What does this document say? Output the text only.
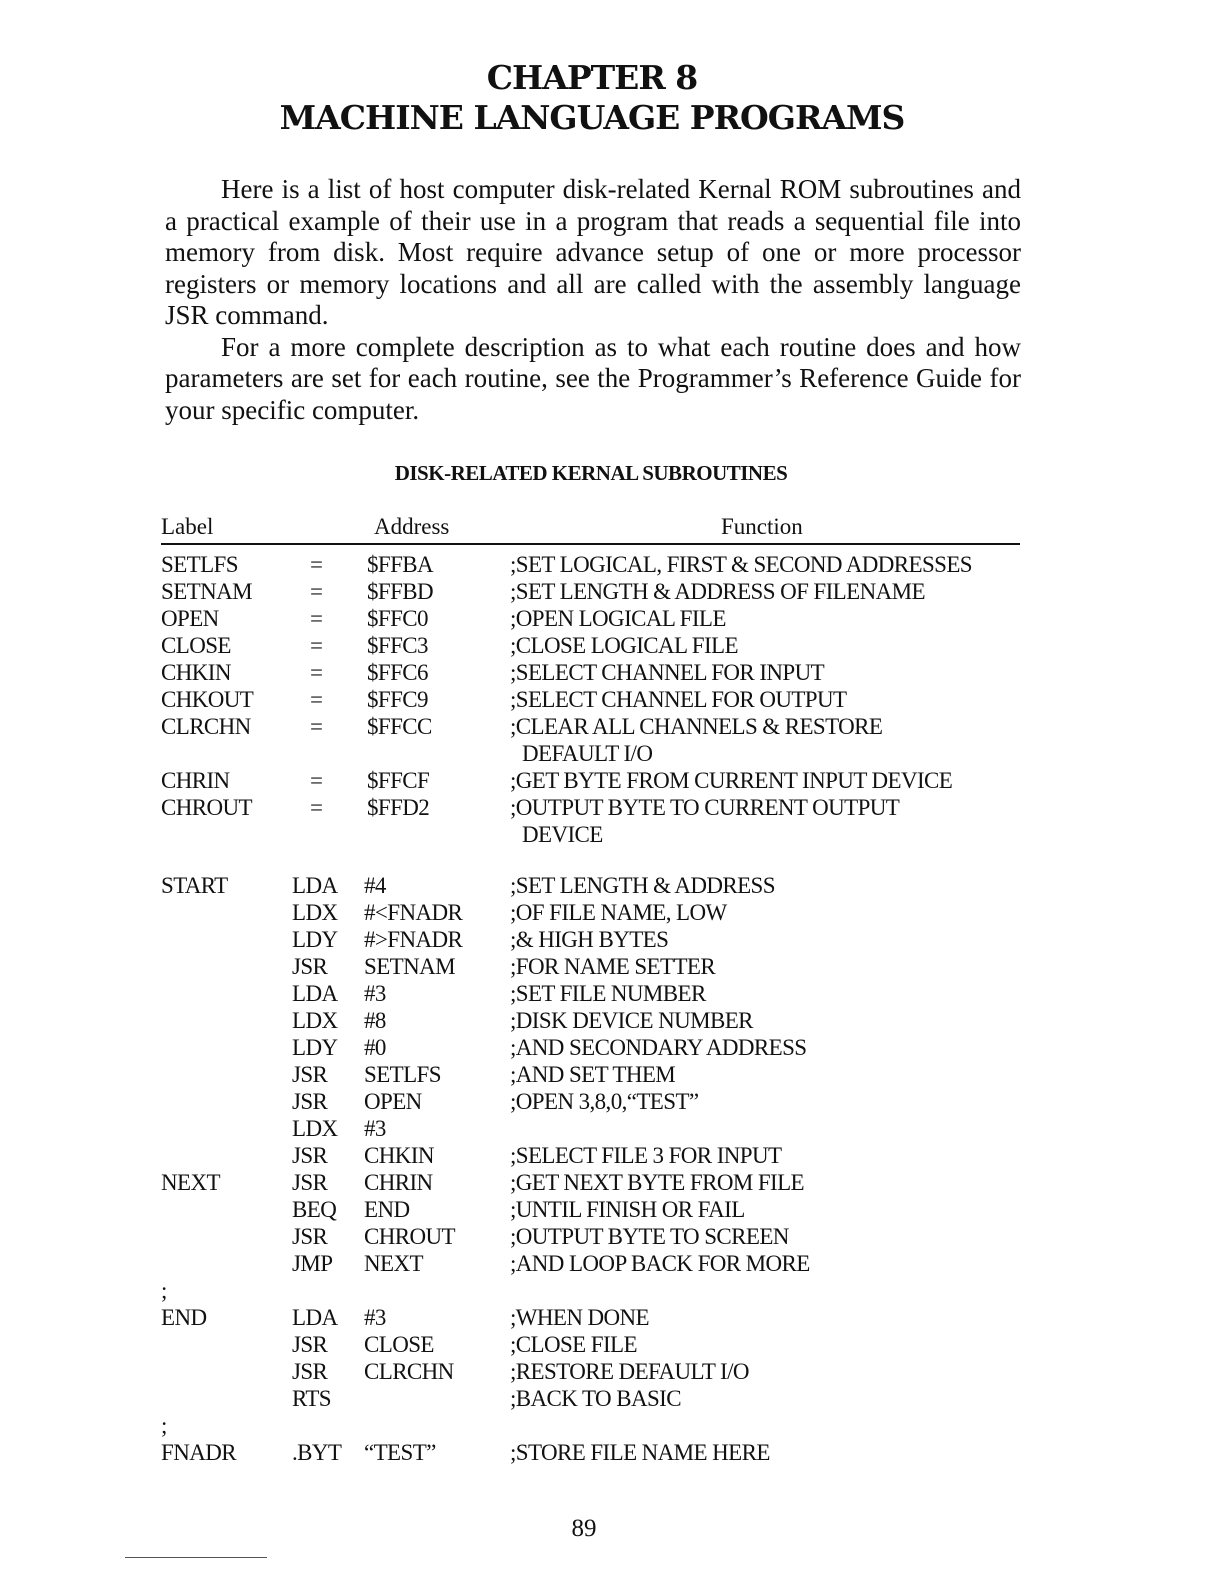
CHAPTER 8
MACHINE LANGUAGE PROGRAMS

Here is a list of host computer disk-related Kernal ROM subroutines and a practical example of their use in a program that reads a sequential file into memory from disk. Most require advance setup of one or more processor registers or memory locations and all are called with the assembly language JSR command.

For a more complete description as to what each routine does and how parameters are set for each routine, see the Programmer’s Reference Guide for your specific computer.

DISK-RELATED KERNAL SUBROUTINES
Label	Address	Function
SETLFS	= $FFBA	;SET LOGICAL, FIRST & SECOND ADDRESSES
SETNAM	= $FFBD	;SET LENGTH & ADDRESS OF FILENAME
OPEN	= $FFC0	;OPEN LOGICAL FILE
CLOSE	= $FFC3	;CLOSE LOGICAL FILE
CHKIN	= $FFC6	;SELECT CHANNEL FOR INPUT
CHKOUT = $FFC9	;SELECT CHANNEL FOR OUTPUT
CLRCHN	= $FFCC	;CLEAR ALL CHANNELS & RESTORE
DEFAULT I/O
CHRIN	= $FFCF	;GET BYTE FROM CURRENT INPUT DEVICE
CHROUT	= $FFD2	;OUTPUT BYTE TO CURRENT OUTPUT
DEVICE
START	LDA #4	;SET LENGTH & ADDRESS
LDX #<FNADR ;OF FILE NAME, LOW
LDY #>FNADR ;& HIGH BYTES
JSR SETNAM ;FOR NAME SETTER
LDA #3	;SET FILE NUMBER
LDX #8	;DISK DEVICE NUMBER
LDY #0	;AND SECONDARY ADDRESS
JSR SETLFS	;AND SET THEM
JSR OPEN	;OPEN 3,8,0,“TEST”
LDX #3
JSR CHKIN	;SELECT FILE 3 FOR INPUT
NEXT	JSR CHRIN	;GET NEXT BYTE FROM FILE
BEQ END	;UNTIL FINISH OR FAIL
JSR CHROUT ;OUTPUT BYTE TO SCREEN
JMP NEXT	;AND LOOP BACK FOR MORE
;
END	LDA #3	;WHEN DONE
JSR CLOSE	;CLOSE FILE
JSR CLRCHN ;RESTORE DEFAULT I/O
RTS	;BACK TO BASIC
;
FNADR .BYT “TEST”	;STORE FILE NAME HERE
89
